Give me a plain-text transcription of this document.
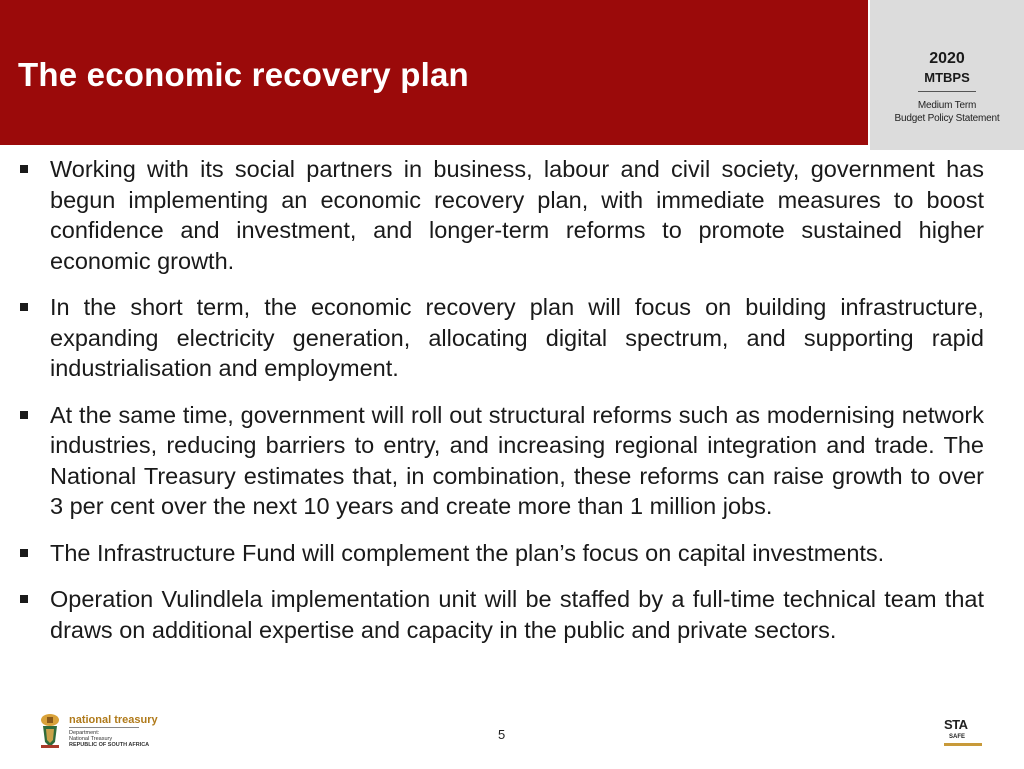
The economic recovery plan	2020
MTBPS
Medium Term
Budget Policy Statement
Working with its social partners in business, labour and civil society, government has begun implementing an economic recovery plan, with immediate measures to boost confidence and investment, and longer-term reforms to promote sustained higher economic growth.
In the short term, the economic recovery plan will focus on building infrastructure, expanding electricity generation, allocating digital spectrum, and supporting rapid industrialisation and employment.
At the same time, government will roll out structural reforms such as modernising network industries, reducing barriers to entry, and increasing regional integration and trade. The National Treasury estimates that, in combination, these reforms can raise growth to over 3 per cent over the next 10 years and create more than 1 million jobs.
The Infrastructure Fund will complement the plan’s focus on capital investments.
Operation Vulindlela implementation unit will be staffed by a full-time technical team that draws on additional expertise and capacity in the public and private sectors.
national treasury
Department:
National Treasury
REPUBLIC OF SOUTH AFRICA
5
STA
SAFE
